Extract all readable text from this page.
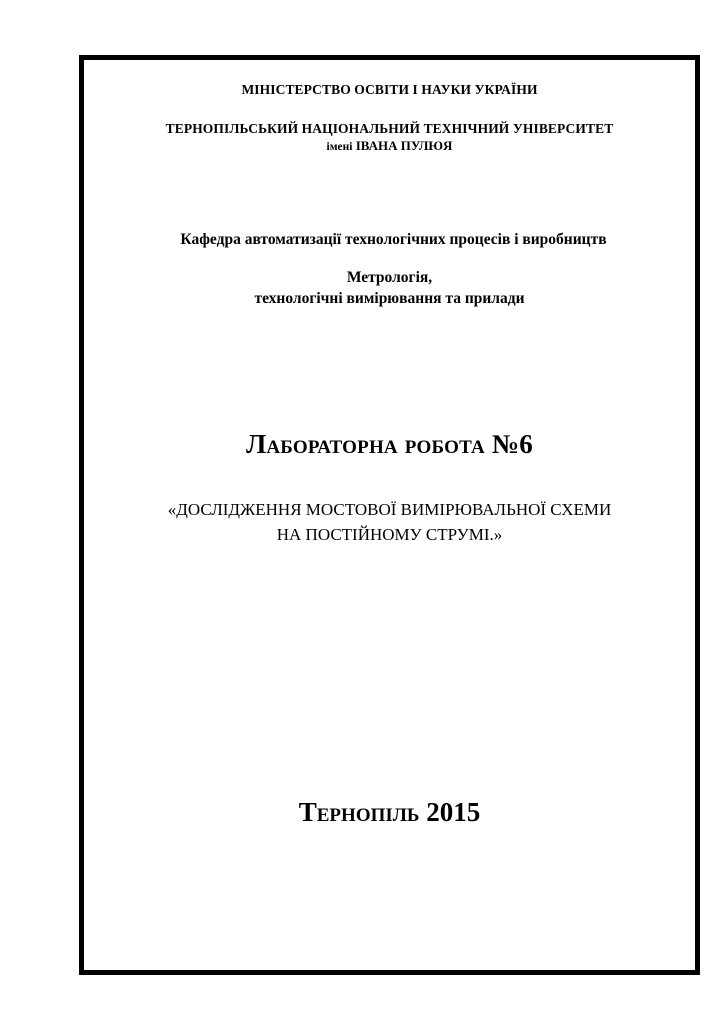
МІНІСТЕРСТВО ОСВІТИ І НАУКИ УКРАЇНИ
ТЕРНОПІЛЬСЬКИЙ НАЦІОНАЛЬНИЙ ТЕХНІЧНИЙ УНІВЕРСИТЕТ
імені ІВАНА ПУЛЮЯ
Кафедра автоматизації технологічних процесів і виробництв
Метрологія,
технологічні вимірювання та прилади
Лабораторна робота №6
«ДОСЛІДЖЕННЯ МОСТОВОЇ ВИМІРЮВАЛЬНОЇ СХЕМИ
НА ПОСТІЙНОМУ СТРУМІ.»
Тернопіль 2015
